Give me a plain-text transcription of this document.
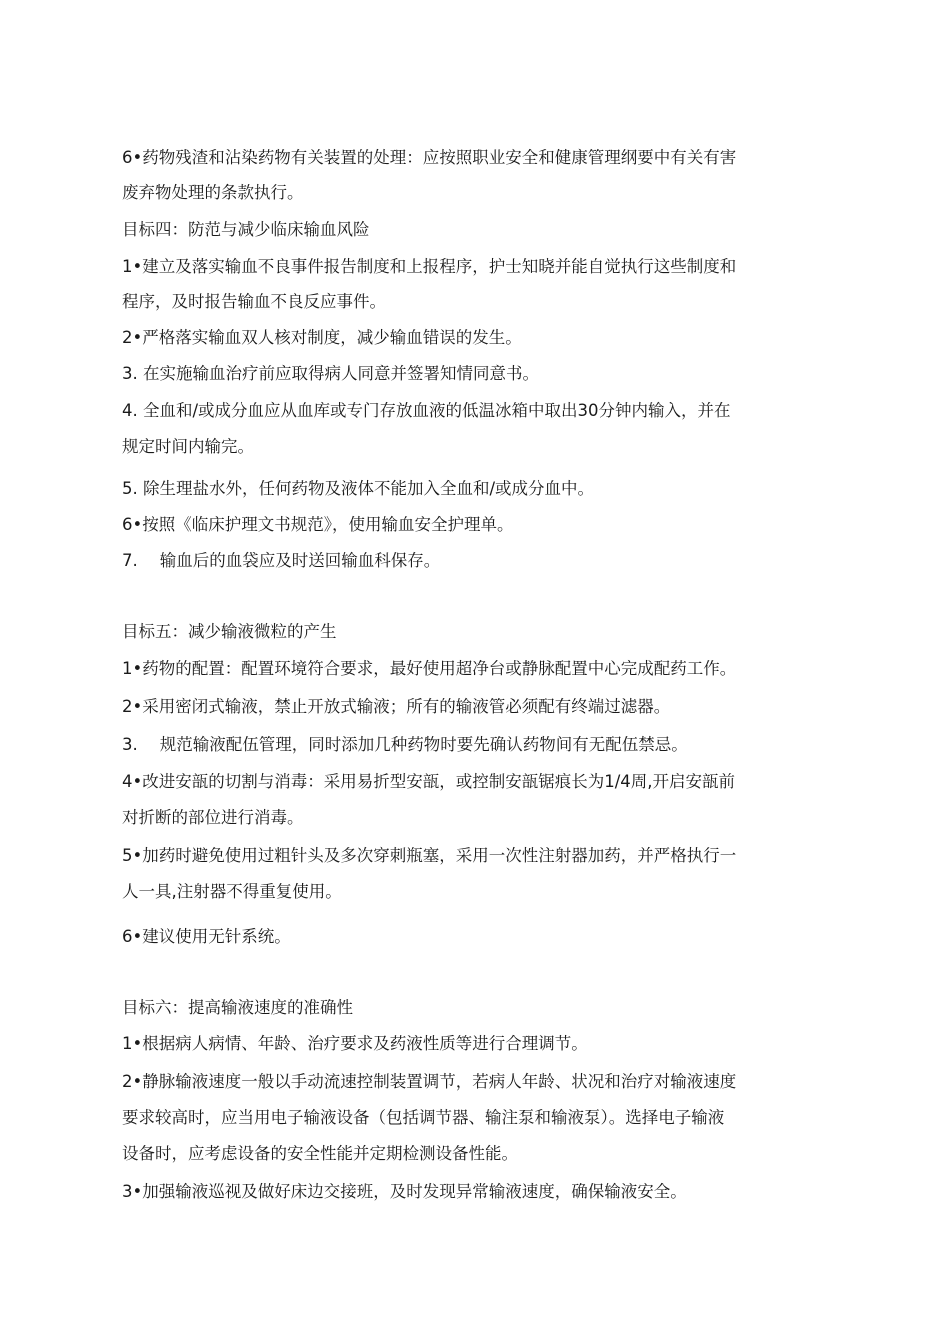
6•药物残渣和沾染药物有关装置的处理：应按照职业安全和健康管理纲要中有关有害
废弃物处理的条款执行。
目标四：防范与减少临床输血风险
1•建立及落实输血不良事件报告制度和上报程序，护士知晓并能自觉执行这些制度和
程序，及时报告输血不良反应事件。
2•严格落实输血双人核对制度，减少输血错误的发生。
3. 在实施输血治疗前应取得病人同意并签署知情同意书。
4. 全血和/或成分血应从血库或专门存放血液的低温冰箱中取出30分钟内输入，并在
规定时间内输完。
5. 除生理盐水外，任何药物及液体不能加入全血和/或成分血中。
6•按照《临床护理文书规范》，使用输血安全护理单。
7. 输血后的血袋应及时送回输血科保存。
目标五：减少输液微粒的产生
1•药物的配置：配置环境符合要求，最好使用超净台或静脉配置中心完成配药工作。
2•采用密闭式输液，禁止开放式输液；所有的输液管必须配有终端过滤器。
3. 规范输液配伍管理，同时添加几种药物时要先确认药物间有无配伍禁忌。
4•改进安瓿的切割与消毒：采用易折型安瓿，或控制安瓿锯痕长为1/4周,开启安瓿前
对折断的部位进行消毒。
5•加药时避免使用过粗针头及多次穿刺瓶塞，采用一次性注射器加药，并严格执行一
人一具,注射器不得重复使用。
6•建议使用无针系统。
目标六：提高输液速度的准确性
1•根据病人病情、年龄、治疗要求及药液性质等进行合理调节。
2•静脉输液速度一般以手动流速控制装置调节，若病人年龄、状况和治疗对输液速度
要求较高时，应当用电子输液设备（包括调节器、输注泵和输液泵）。选择电子输液
设备时，应考虑设备的安全性能并定期检测设备性能。
3•加强输液巡视及做好床边交接班，及时发现异常输液速度，确保输液安全。
